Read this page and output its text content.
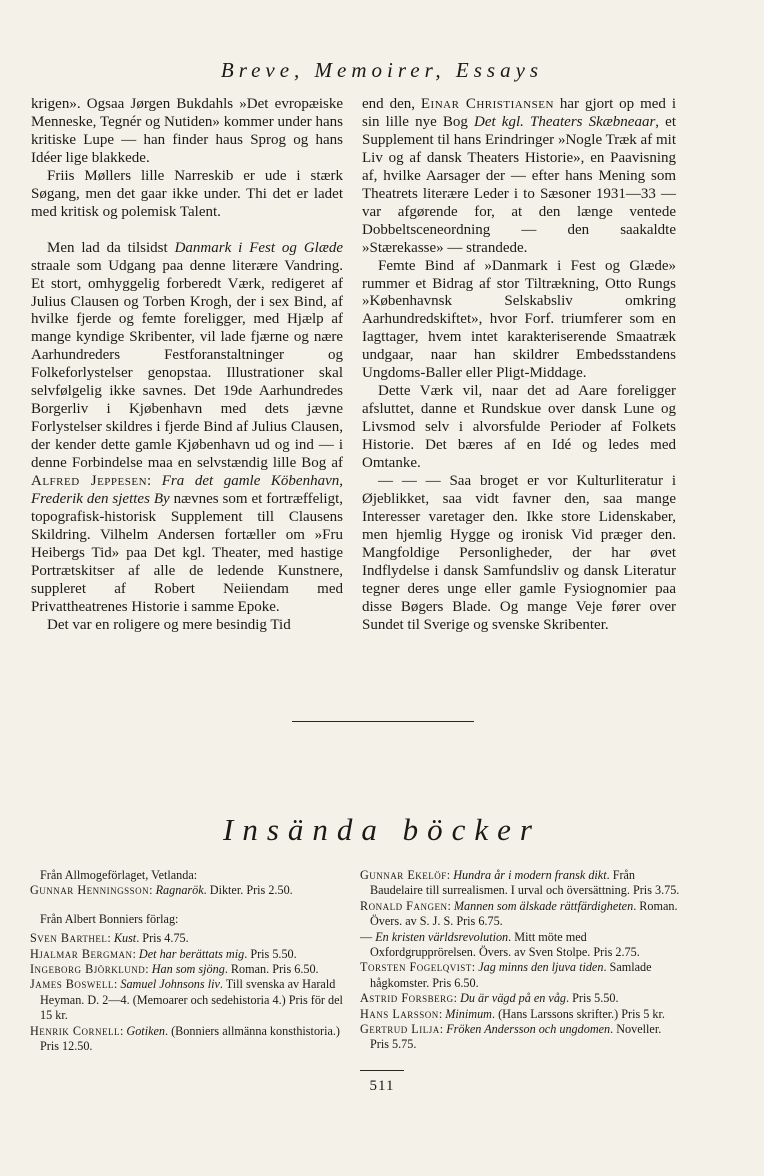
Breve, Memoirer, Essays

krigen». Ogsaa Jørgen Bukdahls »Det evropæiske Menneske, Tegnér og Nutiden» kommer under hans kritiske Lupe — han finder haus Sprog og hans Idéer lige blakkede.

Friis Møllers lille Narreskib er ude i stærk Søgang, men det gaar ikke under. Thi det er ladet med kritisk og polemisk Talent.

Men lad da tilsidst Danmark i Fest og Glæde straale som Udgang paa denne literære Vandring. Et stort, omhyggelig forberedt Værk, redigeret af Julius Clausen og Torben Krogh, der i sex Bind, af hvilke fjerde og femte foreligger, med Hjælp af mange kyndige Skribenter, vil lade fjærne og nære Aarhundreders Festforanstaltninger og Folkeforlystelser genopstaa. Illustrationer skal selvfølgelig ikke savnes. Det 19de Aarhundredes Borgerliv i Kjøbenhavn med dets jævne Forlystelser skildres i fjerde Bind af Julius Clausen, der kender dette gamle Kjøbenhavn ud og ind — i denne Forbindelse maa en selvstændig lille Bog af Alfred Jeppesen: Fra det gamle Köbenhavn, Frederik den sjettes By nævnes som et fortræffeligt, topografisk-historisk Supplement till Clausens Skildring. Vilhelm Andersen fortæller om »Fru Heibergs Tid» paa Det kgl. Theater, med hastige Portrætskitser af alle de ledende Kunstnere, suppleret af Robert Neiiendam med Privattheatrenes Historie i samme Epoke.

Det var en roligere og mere besindig Tid

end den, Einar Christiansen har gjort op med i sin lille nye Bog Det kgl. Theaters Skæbneaar, et Supplement til hans Erindringer »Nogle Træk af mit Liv og af dansk Theaters Historie», en Paavisning af, hvilke Aarsager der — efter hans Mening som Theatrets literære Leder i to Sæsoner 1931—33 — var afgørende for, at den længe ventede Dobbeltsceneordning — den saakaldte »Stærekasse» — strandede.

Femte Bind af »Danmark i Fest og Glæde» rummer et Bidrag af stor Tiltrækning, Otto Rungs »Københavnsk Selskabsliv omkring Aarhundredskiftet», hvor Forf. triumferer som en Iagttager, hvem intet karakteriserende Smaatræk undgaar, naar han skildrer Embedsstandens Ungdoms-Baller eller Pligt-Middage.

Dette Værk vil, naar det ad Aare foreligger afsluttet, danne et Rundskue over dansk Lune og Livsmod selv i alvorsfulde Perioder af Folkets Historie. Det bæres af en Idé og ledes med Omtanke.

— — — Saa broget er vor Kulturliteratur i Øjeblikket, saa vidt favner den, saa mange Interesser varetager den. Ikke store Lidenskaber, men hjemlig Hygge og ironisk Vid præger den. Mangfoldige Personligheder, der har øvet Indflydelse i dansk Samfundsliv og dansk Literatur tegner deres unge eller gamle Fysiognomier paa disse Bøgers Blade. Og mange Veje fører over Sundet til Sverige og svenske Skribenter.

Insända böcker

Från Allmogeförlaget, Vetlanda:

Gunnar Henningsson: Ragnarök. Dikter. Pris 2.50.

Från Albert Bonniers förlag:

Sven Barthel: Kust. Pris 4.75.

Hjalmar Bergman: Det har berättats mig. Pris 5.50.

Ingeborg Björklund: Han som sjöng. Roman. Pris 6.50.

James Boswell: Samuel Johnsons liv. Till svenska av Harald Heyman. D. 2—4. (Memoarer och sedehistoria 4.) Pris för del 15 kr.

Henrik Cornell: Gotiken. (Bonniers allmänna konsthistoria.) Pris 12.50.

Gunnar Ekelöf: Hundra år i modern fransk dikt. Från Baudelaire till surrealismen. I urval och översättning. Pris 3.75.

Ronald Fangen: Mannen som älskade rättfärdigheten. Roman. Övers. av S. J. S. Pris 6.75.

— En kristen världsrevolution. Mitt möte med Oxfordgrupprörelsen. Övers. av Sven Stolpe. Pris 2.75.

Torsten Fogelqvist: Jag minns den ljuva tiden. Samlade hågkomster. Pris 6.50.

Astrid Forsberg: Du är vägd på en våg. Pris 5.50.

Hans Larsson: Minimum. (Hans Larssons skrifter.) Pris 5 kr.

Gertrud Lilja: Fröken Andersson och ungdomen. Noveller. Pris 5.75.

511
